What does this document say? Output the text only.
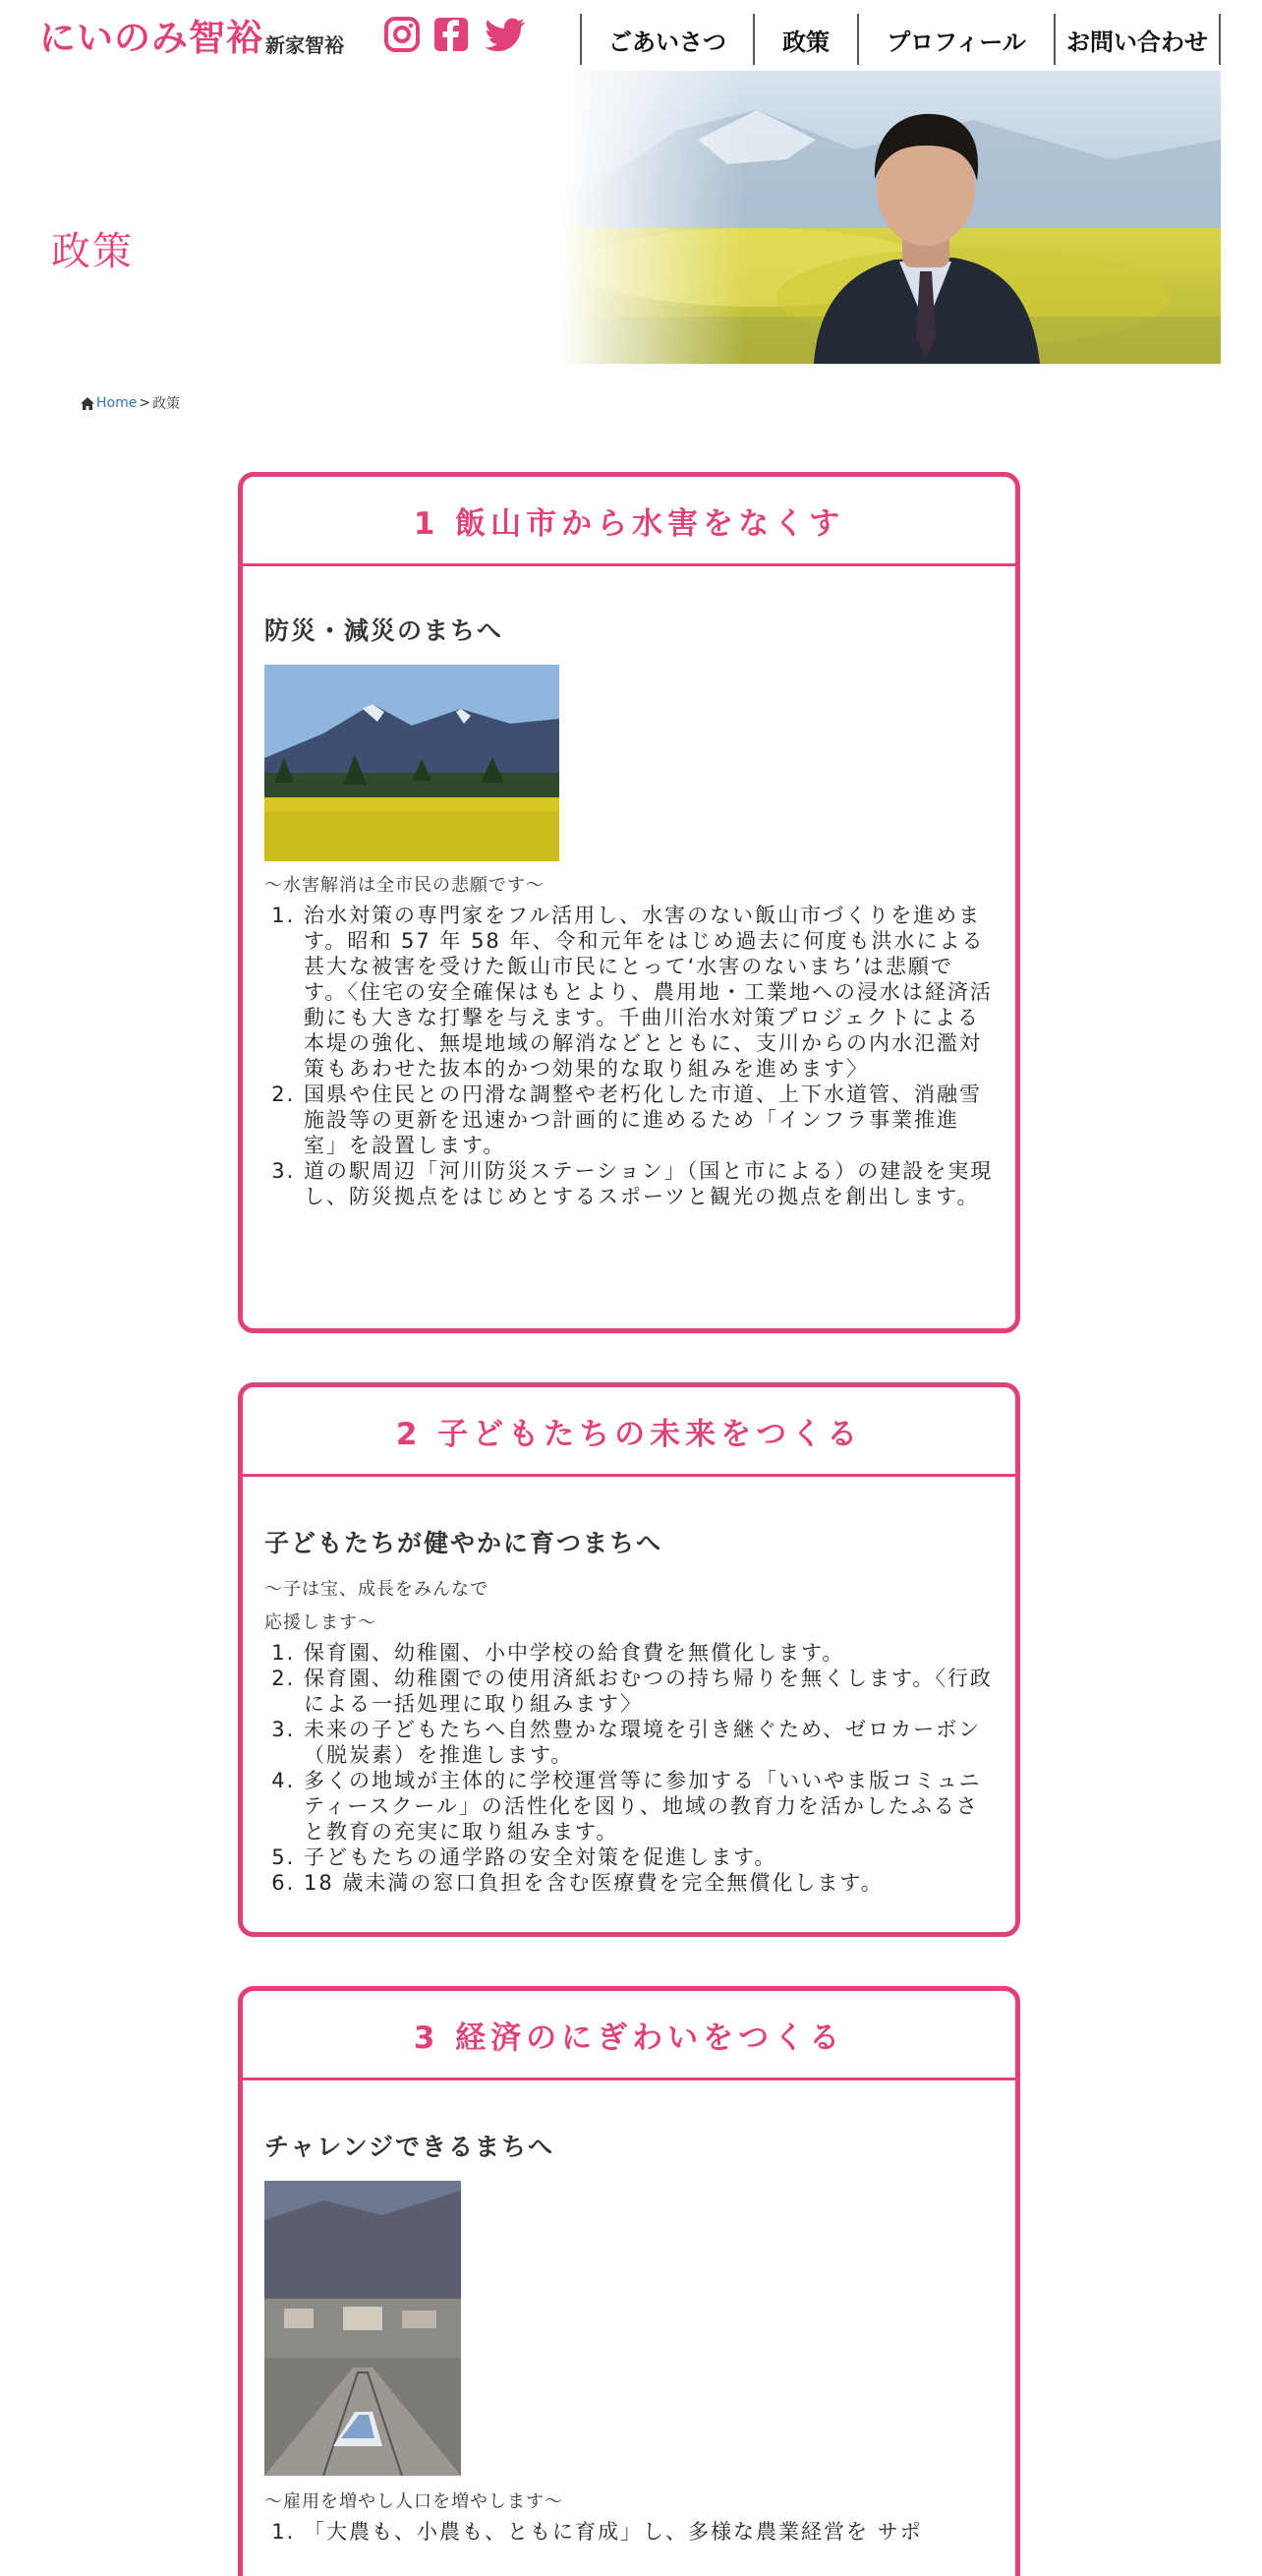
にいのみ智裕 新家智裕	ごあいさつ	政策	プロフィール	お問い合わせ
政策
Home > 政策
1 飯山市から水害をなくす
防災・減災のまちへ
〜水害解消は全市民の悲願です〜
1. 治水対策の専門家をフル活用し、水害のない飯山市づくりを進めます。昭和 57 年 58 年、令和元年をはじめ過去に何度も洪水による甚大な被害を受けた飯山市民にとって‘水害のないまち’は悲願です。〈住宅の安全確保はもとより、農用地・工業地への浸水は経済活動にも大きな打撃を与えます。千曲川治水対策プロジェクトによる本堤の強化、無堤地域の解消などとともに、支川からの内水氾濫対策もあわせた抜本的かつ効果的な取り組みを進めます〉
2. 国県や住民との円滑な調整や老朽化した市道、上下水道管、消融雪施設等の更新を迅速かつ計画的に進めるため「インフラ事業推進室」を設置します。
3. 道の駅周辺「河川防災ステーション」（国と市による）の建設を実現し、防災拠点をはじめとするスポーツと観光の拠点を創出します。
2 子どもたちの未来をつくる
子どもたちが健やかに育つまちへ
〜子は宝、成長をみんなで
応援します〜
1. 保育園、幼稚園、小中学校の給食費を無償化します。
2. 保育園、幼稚園での使用済紙おむつの持ち帰りを無くします。〈行政による一括処理に取り組みます〉
3. 未来の子どもたちへ自然豊かな環境を引き継ぐため、ゼロカーボン（脱炭素）を推進します。
4. 多くの地域が主体的に学校運営等に参加する「いいやま版コミュニティースクール」の活性化を図り、地域の教育力を活かしたふるさと教育の充実に取り組みます。
5. 子どもたちの通学路の安全対策を促進します。
6. 18 歳未満の窓口負担を含む医療費を完全無償化します。
3 経済のにぎわいをつくる
チャレンジできるまちへ
〜雇用を増やし人口を増やします〜
1. 「大農も、小農も、ともに育成」し、多様な農業経営を サポ
